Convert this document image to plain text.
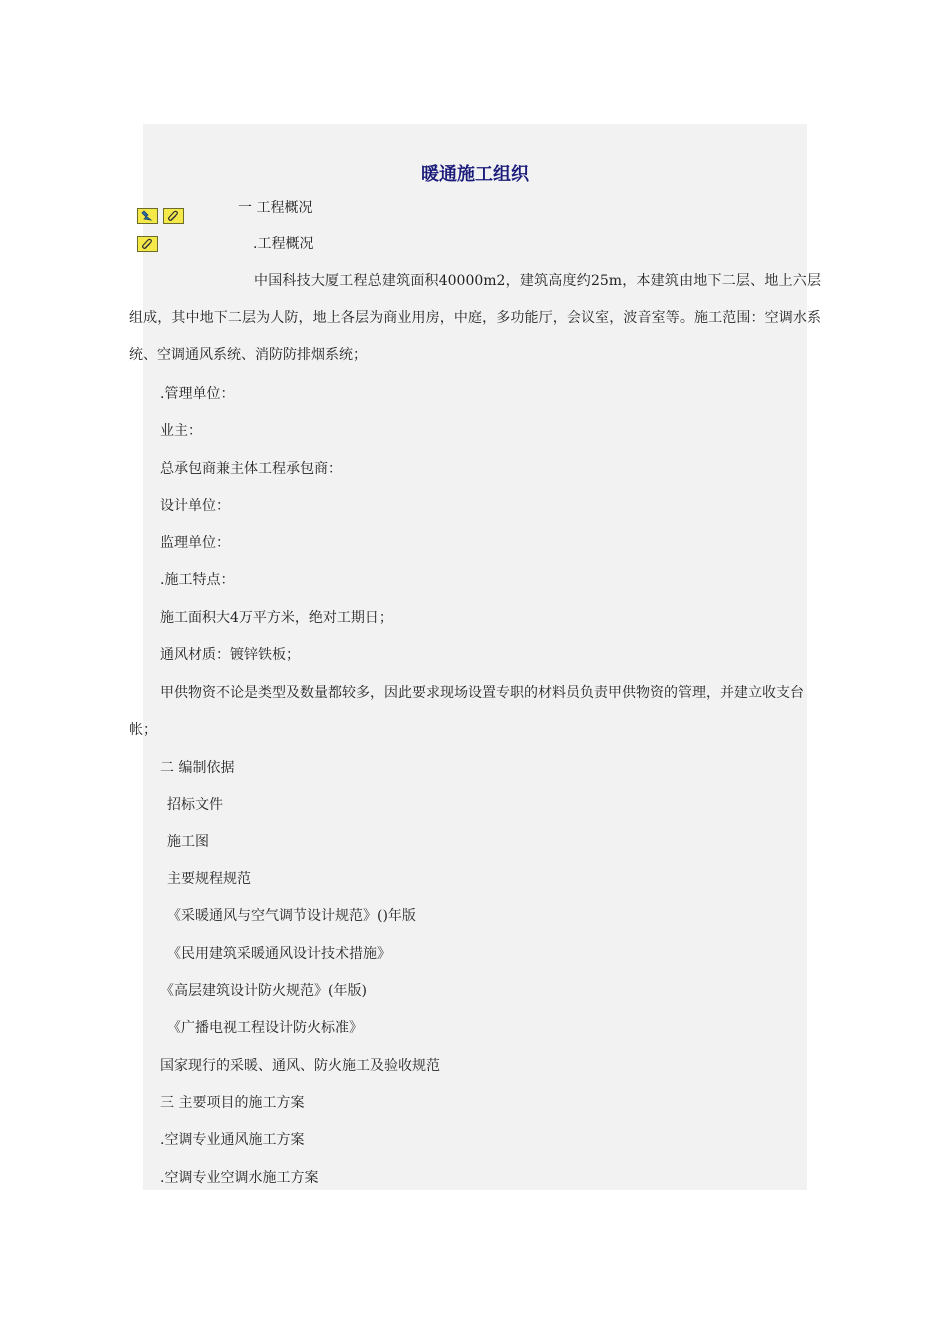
暖通施工组织

一 工程概况

.工程概况

中国科技大厦工程总建筑面积40000m2，建筑高度约25m，本建筑由地下二层、地上六层组成，其中地下二层为人防，地上各层为商业用房，中庭，多功能厅，会议室，波音室等。施工范围：空调水系统、空调通风系统、消防防排烟系统；

.管理单位：

业主：

总承包商兼主体工程承包商：

设计单位：

监理单位：

.施工特点：

施工面积大4万平方米，绝对工期日；

通风材质：镀锌铁板；

甲供物资不论是类型及数量都较多，因此要求现场设置专职的材料员负责甲供物资的管理，并建立收支台

帐；

二 编制依据

招标文件

施工图

主要规程规范

《采暖通风与空气调节设计规范》()年版

《民用建筑采暖通风设计技术措施》

《高层建筑设计防火规范》(年版)

《广播电视工程设计防火标准》

国家现行的采暖、通风、防火施工及验收规范

三 主要项目的施工方案

.空调专业通风施工方案

.空调专业空调水施工方案
